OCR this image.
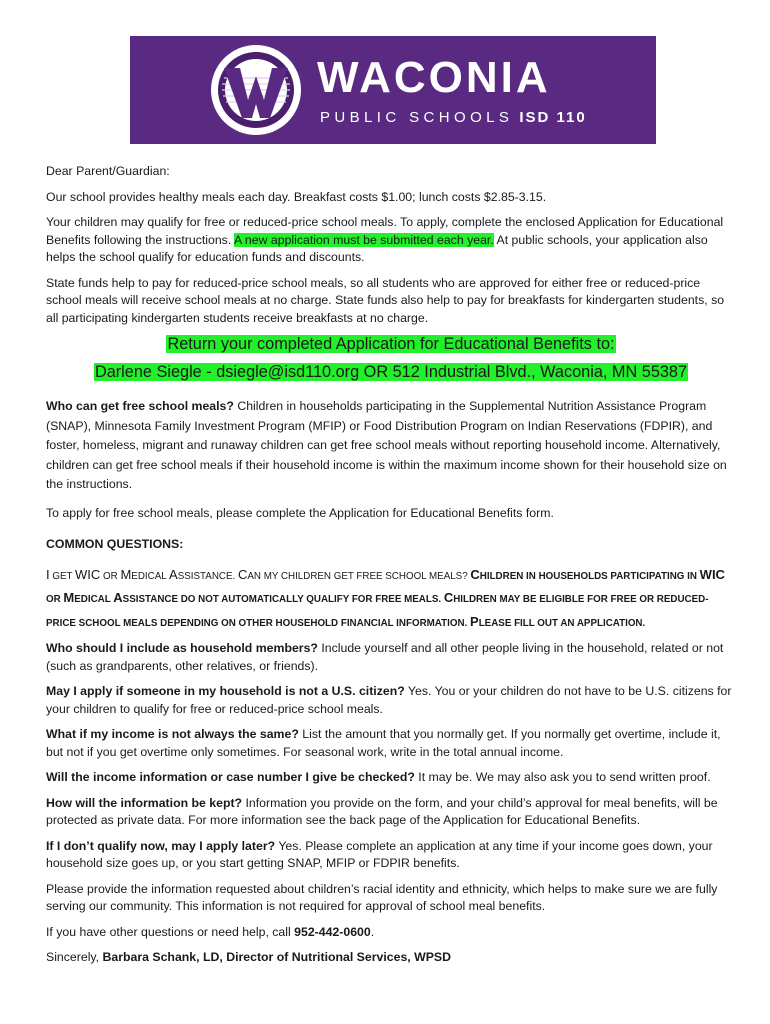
WACONIA
PUBLIC SCHOOLS ISD 110

Dear Parent/Guardian:

Our school provides healthy meals each day. Breakfast costs $1.00; lunch costs $2.85-3.15.

Your children may qualify for free or reduced-price school meals. To apply, complete the enclosed Application for Educational Benefits following the instructions. A new application must be submitted each year. At public schools, your application also helps the school qualify for education funds and discounts.

State funds help to pay for reduced-price school meals, so all students who are approved for either free or reduced-price school meals will receive school meals at no charge. State funds also help to pay for breakfasts for kindergarten students, so all participating kindergarten students receive breakfasts at no charge.

Return your completed Application for Educational Benefits to:

Darlene Siegle - dsiegle@isd110.org OR 512 Industrial Blvd., Waconia, MN 55387

Who can get free school meals? Children in households participating in the Supplemental Nutrition Assistance Program (SNAP), Minnesota Family Investment Program (MFIP) or Food Distribution Program on Indian Reservations (FDPIR), and foster, homeless, migrant and runaway children can get free school meals without reporting household income. Alternatively, children can get free school meals if their household income is within the maximum income shown for their household size on the instructions.

To apply for free school meals, please complete the Application for Educational Benefits form.

COMMON QUESTIONS:

I GET WIC OR MEDICAL ASSISTANCE. CAN MY CHILDREN GET FREE SCHOOL MEALS? CHILDREN IN HOUSEHOLDS PARTICIPATING IN WIC OR MEDICAL ASSISTANCE DO NOT AUTOMATICALLY QUALIFY FOR FREE MEALS. CHILDREN MAY BE ELIGIBLE FOR FREE OR REDUCED-PRICE SCHOOL MEALS DEPENDING ON OTHER HOUSEHOLD FINANCIAL INFORMATION. PLEASE FILL OUT AN APPLICATION.

Who should I include as household members? Include yourself and all other people living in the household, related or not (such as grandparents, other relatives, or friends).

May I apply if someone in my household is not a U.S. citizen? Yes. You or your children do not have to be U.S. citizens for your children to qualify for free or reduced-price school meals.

What if my income is not always the same? List the amount that you normally get. If you normally get overtime, include it, but not if you get overtime only sometimes. For seasonal work, write in the total annual income.

Will the income information or case number I give be checked? It may be. We may also ask you to send written proof.

How will the information be kept? Information you provide on the form, and your child’s approval for meal benefits, will be protected as private data. For more information see the back page of the Application for Educational Benefits.

If I don’t qualify now, may I apply later? Yes. Please complete an application at any time if your income goes down, your household size goes up, or you start getting SNAP, MFIP or FDPIR benefits.

Please provide the information requested about children’s racial identity and ethnicity, which helps to make sure we are fully serving our community. This information is not required for approval of school meal benefits.

If you have other questions or need help, call 952-442-0600.

Sincerely, Barbara Schank, LD, Director of Nutritional Services, WPSD
